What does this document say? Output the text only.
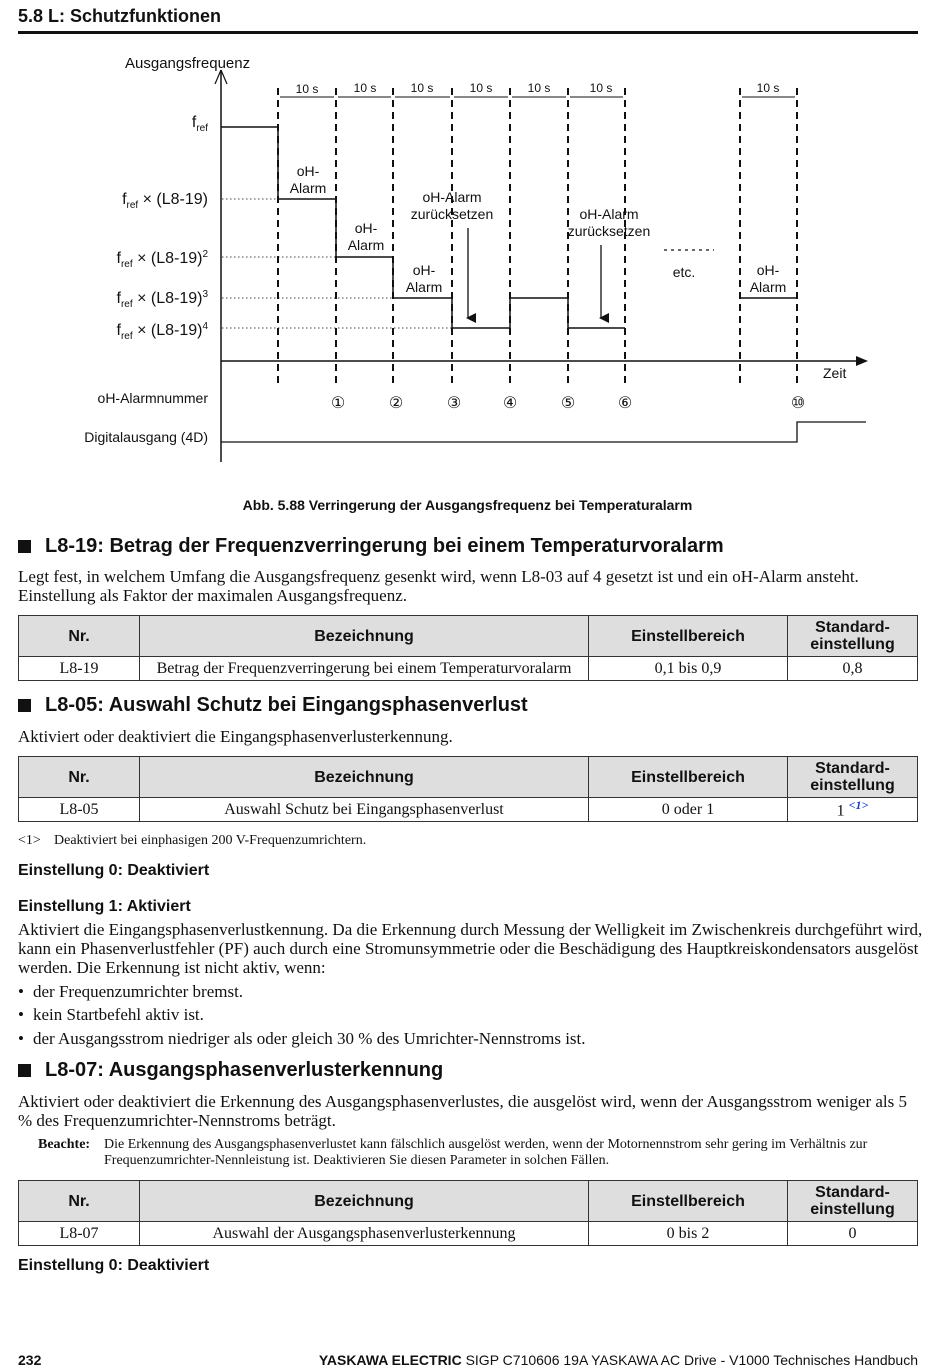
5.8 L: Schutzfunktionen
Ausgangsfrequenz
Zeit
$f_{ref}$
$f_{ref} \times (L8-19)$
$f_{ref} \times (L8-19)^2$
$f_{ref} \times (L8-19)^3$
$f_{ref} \times (L8-19)^4$
10 s	10 s	10 s	10 s	10 s	10 s	10 s
oH-Alarm
oH-Alarm
oH-Alarm zurücksetzen
oH-Alarm
oH-Alarm zurücksetzen
etc.	oH-Alarm
oH-Alarmnummer	①	②	③	④	⑤	⑥	⑩
Digitalausgang (4D)
Abb. 5.88 Verringerung der Ausgangsfrequenz bei Temperaturalarm
L8-19: Betrag der Frequenzverringerung bei einem Temperaturvoralarm
Legt fest, in welchem Umfang die Ausgangsfrequenz gesenkt wird, wenn L8-03 auf 4 gesetzt ist und ein oH-Alarm ansteht. Einstellung als Faktor der maximalen Ausgangsfrequenz.
Nr.	Bezeichnung	Einstellbereich	Standard-
einstellung
L8-19	Betrag der Frequenzverringerung bei einem Temperaturvoralarm	0,1 bis 0,9	0,8
L8-05: Auswahl Schutz bei Eingangsphasenverlust
Aktiviert oder deaktiviert die Eingangsphasenverlusterkennung.
Nr.	Bezeichnung	Einstellbereich	Standard-
einstellung
L8-05	Auswahl Schutz bei Eingangsphasenverlust	0 oder 1	1 $^{<1>}$
<1> Deaktiviert bei einphasigen 200 V-Frequenzumrichtern.
Einstellung 0: Deaktiviert
Einstellung 1: Aktiviert
Aktiviert die Eingangsphasenverlustkennung. Da die Erkennung durch Messung der Welligkeit im Zwischenkreis durchgeführt wird, kann ein Phasenverlustfehler (PF) auch durch eine Stromunsymmetrie oder die Beschädigung des Hauptkreiskondensators ausgelöst werden. Die Erkennung ist nicht aktiv, wenn:
• der Frequenzumrichter bremst.
• kein Startbefehl aktiv ist.
• der Ausgangsstrom niedriger als oder gleich 30 % des Umrichter-Nennstroms ist.
L8-07: Ausgangsphasenverlusterkennung
Aktiviert oder deaktiviert die Erkennung des Ausgangsphasenverlustes, die ausgelöst wird, wenn der Ausgangsstrom weniger als 5 % des Frequenzumrichter-Nennstroms beträgt.
Beachte: Die Erkennung des Ausgangsphasenverlustet kann fälschlich ausgelöst werden, wenn der Motornennstrom sehr gering im Verhältnis zur Frequenzumrichter-Nennleistung ist. Deaktivieren Sie diesen Parameter in solchen Fällen.
Nr.	Bezeichnung	Einstellbereich	Standard-
einstellung
L8-07	Auswahl der Ausgangsphasenverlusterkennung	0 bis 2	0
Einstellung 0: Deaktiviert
232	YASKAWA ELECTRIC SIGP C710606 19A YASKAWA AC Drive - V1000 Technisches Handbuch
